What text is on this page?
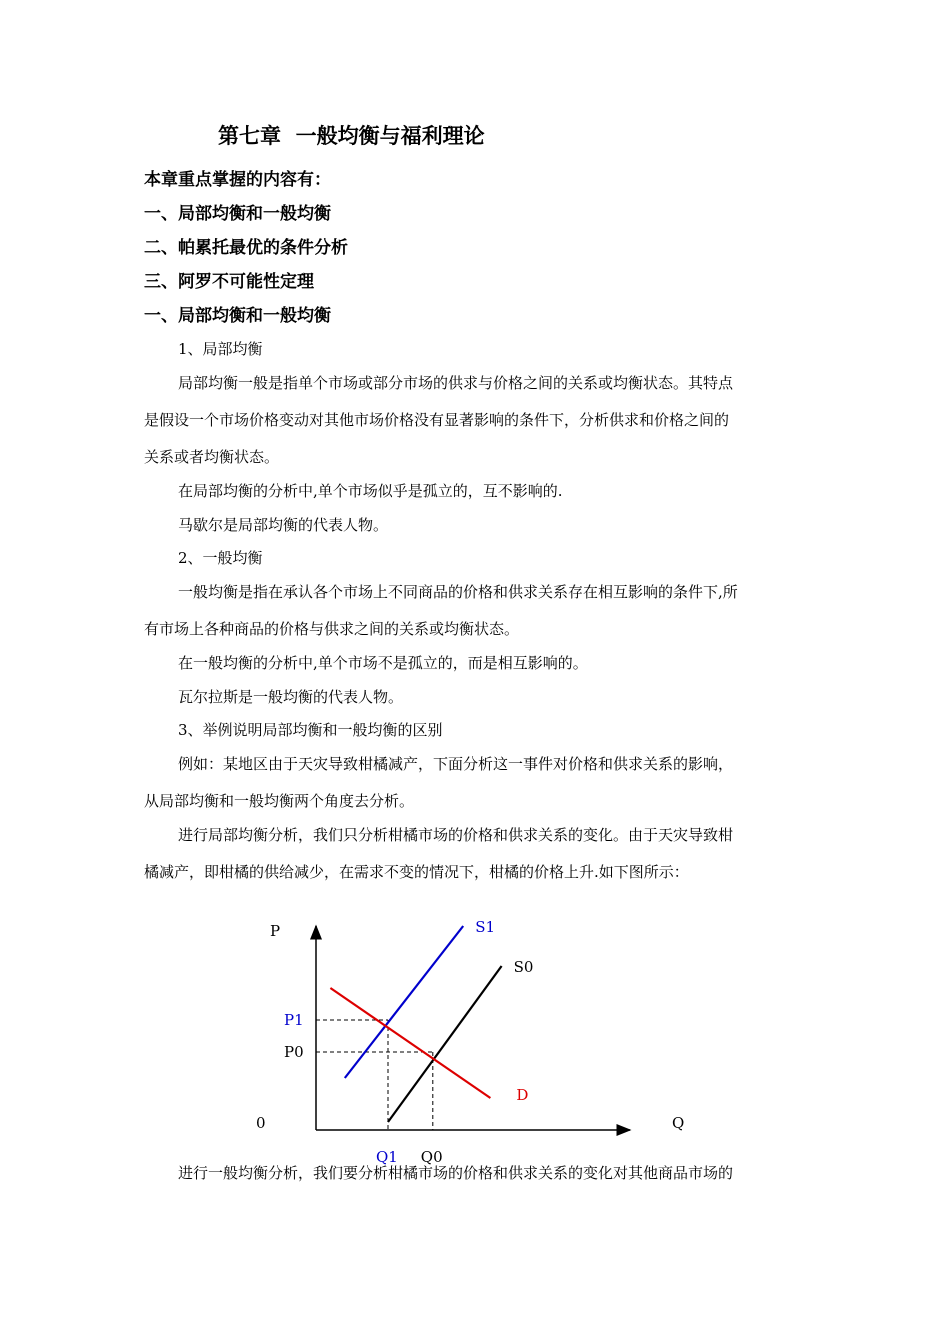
第七章  一般均衡与福利理论
本章重点掌握的内容有：
一、局部均衡和一般均衡
二、帕累托最优的条件分析
三、阿罗不可能性定理
一、局部均衡和一般均衡
1、局部均衡
局部均衡一般是指单个市场或部分市场的供求与价格之间的关系或均衡状态。其特点
是假设一个市场价格变动对其他市场价格没有显著影响的条件下，分析供求和价格之间的
关系或者均衡状态。
在局部均衡的分析中,单个市场似乎是孤立的，互不影响的.
马歇尔是局部均衡的代表人物。
2、一般均衡
一般均衡是指在承认各个市场上不同商品的价格和供求关系存在相互影响的条件下,所
有市场上各种商品的价格与供求之间的关系或均衡状态。
在一般均衡的分析中,单个市场不是孤立的，而是相互影响的。
瓦尔拉斯是一般均衡的代表人物。
3、举例说明局部均衡和一般均衡的区别
例如：某地区由于天灾导致柑橘减产，下面分析这一事件对价格和供求关系的影响，
从局部均衡和一般均衡两个角度去分析。
进行局部均衡分析，我们只分析柑橘市场的价格和供求关系的变化。由于天灾导致柑
橘减产，即柑橘的供给减少，在需求不变的情况下，柑橘的价格上升.如下图所示：
P
Q
0
S1
S0
D
P1
Q1
P0
Q0
进行一般均衡分析，我们要分析柑橘市场的价格和供求关系的变化对其他商品市场的
